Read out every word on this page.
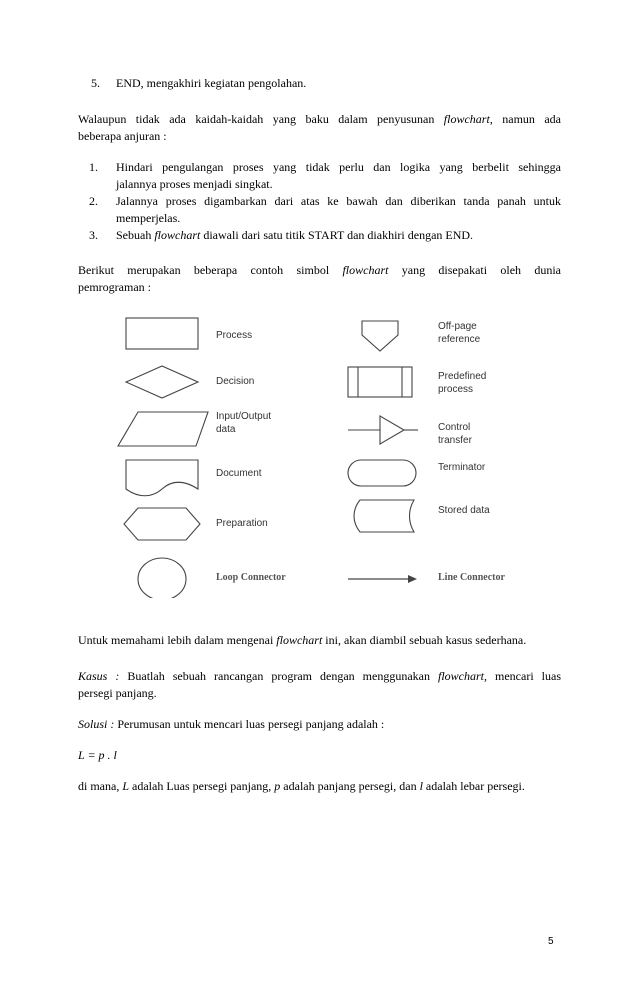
5. END, mengakhiri kegiatan pengolahan.
Walaupun tidak ada kaidah-kaidah yang baku dalam penyusunan flowchart, namun ada
beberapa anjuran :
1. Hindari pengulangan proses yang tidak perlu dan logika yang berbelit sehingga
jalannya proses menjadi singkat.
2. Jalannya proses digambarkan dari atas ke bawah dan diberikan tanda panah untuk
memperjelas.
3. Sebuah flowchart diawali dari satu titik START dan diakhiri dengan END.
Berikut merupakan beberapa contoh simbol flowchart yang disepakati oleh dunia
pemrograman :
Process
Decision
Input/Output
data
Document
Preparation
Loop Connector
Off-page
reference
Predefined
process
Control
transfer
Terminator
Stored data
Line Connector
Untuk memahami lebih dalam mengenai flowchart ini, akan diambil sebuah kasus sederhana.
Kasus : Buatlah sebuah rancangan program dengan menggunakan flowchart, mencari luas
persegi panjang.
Solusi : Perumusan untuk mencari luas persegi panjang adalah :
L = p . l
di mana, L adalah Luas persegi panjang, p adalah panjang persegi, dan l adalah lebar persegi.
5
